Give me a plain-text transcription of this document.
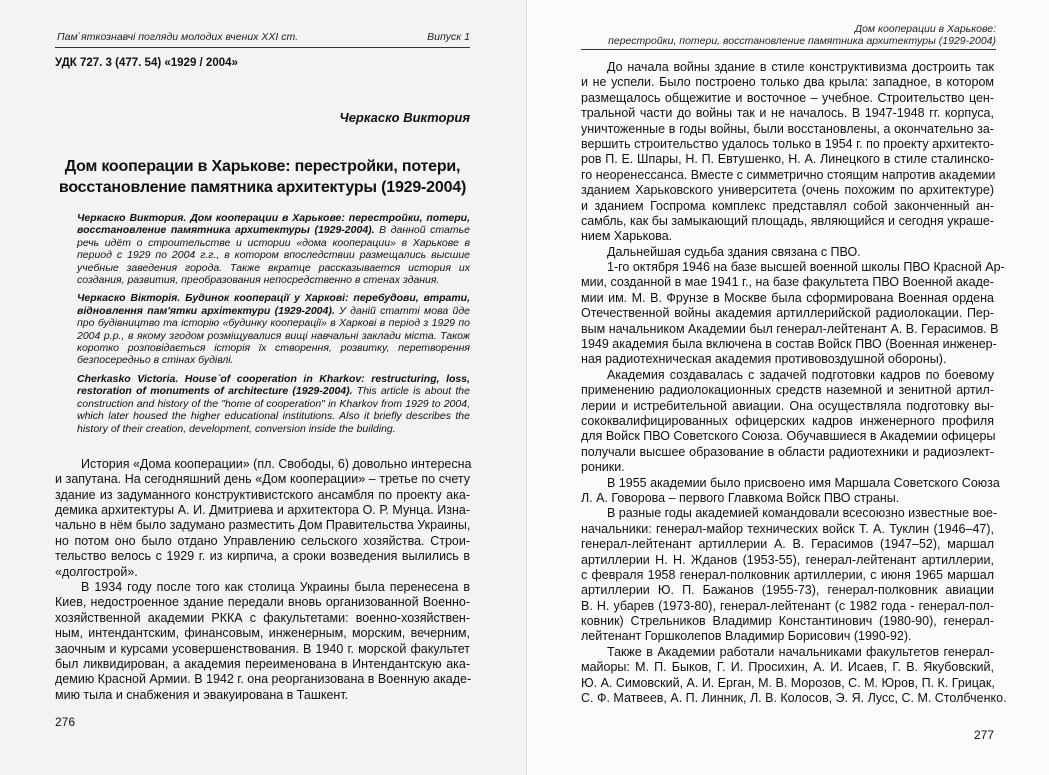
Пам`яткознавчі погляди молодих вчених XXI ст.	Випуск 1
УДК 727. 3 (477. 54) «1929 / 2004»
Черкаско Виктория
Дом кооперации в Харькове: перестройки, потери,
восстановление памятника архитектуры (1929-2004)

Черкаско Виктория. Дом кооперации в Харькове: перестройки, потери, восстановление памятника архитектуры (1929-2004). В данной статье речь идёт о строительстве и истории «дома кооперации» в Харькове в период с 1929 по 2004 г.г., в котором впоследствии размещались высшие учебные заведения города. Также вкратце рассказывается история их создания, развития, преобразования непосредственно в стенах здания.

Черкаско Вікторія. Будинок кооперації у Харкові: перебудови, втрати, відновлення пам'ятки архітектури (1929-2004). У даній статті мова йде про будівництво та історію «будинку кооперації» в Харкові в період з 1929 по 2004 р.р., в якому згодом розміщувалися вищі навчальні заклади міста. Також коротко розповідається історія їх створення, розвитку, перетворення безпосередньо в стінах будівлі.

Cherkasko Victoria. House`of cooperation in Kharkov: restructuring, loss, restoration of monuments of architecture (1929-2004). This article is about the construction and history of the "home of cooperation" in Kharkov from 1929 to 2004, which later housed the higher educational institutions. Also it briefly describes the history of their creation, development, conversion inside the building.

История «Дома кооперации» (пл. Свободы, 6) довольно интересна
и запутана. На сегодняшний день «Дом кооперации» – третье по счету
здание из задуманного конструктивистского ансамбля по проекту ака-
демика архитектуры А. И. Дмитриева и архитектора О. Р. Мунца. Изна-
чально в нём было задумано разместить Дом Правительства Украины,
но потом оно было отдано Управлению сельского хозяйства. Строи-
тельство велось с 1929 г. из кирпича, а сроки возведения вылились в
«долгострой».
В 1934 году после того как столица Украины была перенесена в
Киев, недостроенное здание передали вновь организованной Военно-
хозяйственной академии РККА с факультетами: военно-хозяйствен-
ным, интендантским, финансовым, инженерным, морским, вечерним,
заочным и курсами усовершенствования. В 1940 г. морской факультет
был ликвидирован, а академия переименована в Интендантскую ака-
демию Красной Армии. В 1942 г. она реорганизована в Военную акаде-
мию тыла и снабжения и эвакуирована в Ташкент.
276
Дом кооперации в Харькове:
перестройки, потери, восстановление памятника архитектуры (1929-2004)
До начала войны здание в стиле конструктивизма достроить так
и не успели. Было построено только два крыла: западное, в котором
размещалось общежитие и восточное – учебное. Строительство цен-
тральной части до войны так и не началось. В 1947-1948 гг. корпуса,
уничтоженные в годы войны, были восстановлены, а окончательно за-
вершить строительство удалось только в 1954 г. по проекту архитекто-
ров П. Е. Шпары, Н. П. Евтушенко, Н. А. Линецкого в стиле сталинско-
го неоренессанса. Вместе с симметрично стоящим напротив академии
зданием Харьковского университета (очень похожим по архитектуре)
и зданием Госпрома комплекс представлял собой законченный ан-
самбль, как бы замыкающий площадь, являющийся и сегодня украше-
нием Харькова.
Дальнейшая судьба здания связана с ПВО.
1-го октября 1946 на базе высшей военной школы ПВО Красной Ар-
мии, созданной в мае 1941 г., на базе факультета ПВО Военной акаде-
мии им. М. В. Фрунзе в Москве была сформирована Военная ордена
Отечественной войны академия артиллерийской радиолокации. Пер-
вым начальником Академии был генерал-лейтенант А. В. Герасимов. В
1949 академия была включена в состав Войск ПВО (Военная инженер-
ная радиотехническая академия противовоздушной обороны).
Академия создавалась с задачей подготовки кадров по боевому
применению радиолокационных средств наземной и зенитной артил-
лерии и истребительной авиации. Она осуществляла подготовку вы-
сококвалифицированных офицерских кадров инженерного профиля
для Войск ПВО Советского Союза. Обучавшиеся в Академии офицеры
получали высшее образование в области радиотехники и радиоэлект-
роники.
В 1955 академии было присвоено имя Маршала Советского Союза
Л. А. Говорова – первого Главкома Войск ПВО страны.
В разные годы академией командовали всесоюзно известные вое-
начальники: генерал-майор технических войск Т. А. Туклин (1946–47),
генерал-лейтенант артиллерии А. В. Герасимов (1947–52), маршал
артиллерии Н. Н. Жданов (1953-55), генерал-лейтенант артиллерии,
с февраля 1958 генерал-полковник артиллерии, с июня 1965 маршал
артиллерии Ю. П. Бажанов (1955-73), генерал-полковник авиации
В. Н. убарев (1973-80), генерал-лейтенант (с 1982 года - генерал-пол-
ковник) Стрельников Владимир Константинович (1980-90), генерал-
лейтенант Горшколепов Владимир Борисович (1990-92).
Также в Академии работали начальниками факультетов генерал-
майоры: М. П. Быков, Г. И. Просихин, А. И. Исаев, Г. В. Якубовский,
Ю. А. Симовский, А. И. Ерган, М. В. Морозов, С. М. Юров, П. К. Грицак,
С. Ф. Матвеев, А. П. Линник, Л. В. Колосов, Э. Я. Лусс, С. М. Столбченко.
277
